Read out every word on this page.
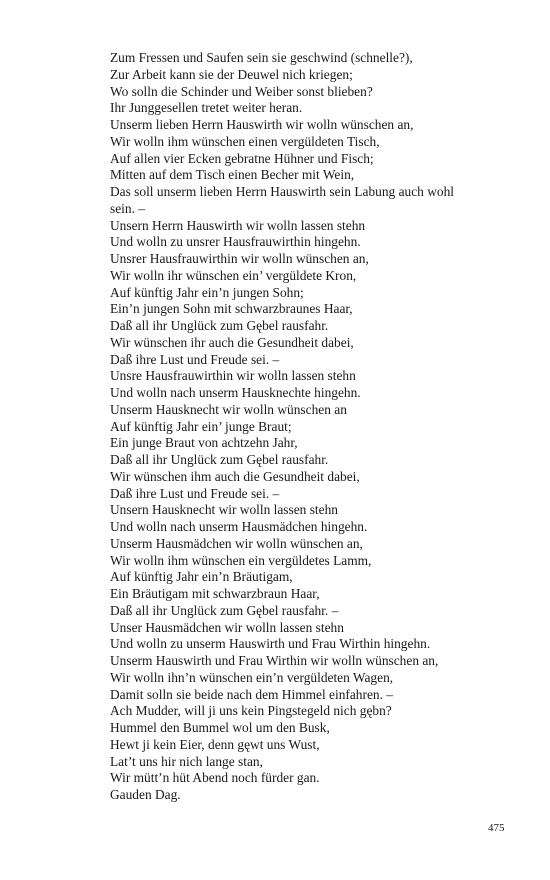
Zum Fressen und Saufen sein sie geschwind (schnelle?),
Zur Arbeit kann sie der Deuwel nich kriegen;
Wo solln die Schinder und Weiber sonst blieben?
Ihr Junggesellen tretet weiter heran.
Unserm lieben Herrn Hauswirth wir wolln wünschen an,
Wir wolln ihm wünschen einen vergüldeten Tisch,
Auf allen vier Ecken gebratne Hühner und Fisch;
Mitten auf dem Tisch einen Becher mit Wein,
Das soll unserm lieben Herrn Hauswirth sein Labung auch wohl
sein. –
Unsern Herrn Hauswirth wir wolln lassen stehn
Und wolln zu unsrer Hausfrauwirthin hingehn.
Unsrer Hausfrauwirthin wir wolln wünschen an,
Wir wolln ihr wünschen ein’ vergüldete Kron,
Auf künftig Jahr ein’n jungen Sohn;
Ein’n jungen Sohn mit schwarzbraunes Haar,
Daß all ihr Unglück zum Gębel rausfahr.
Wir wünschen ihr auch die Gesundheit dabei,
Daß ihre Lust und Freude sei. –
Unsre Hausfrauwirthin wir wolln lassen stehn
Und wolln nach unserm Hausknechte hingehn.
Unserm Hausknecht wir wolln wünschen an
Auf künftig Jahr ein’ junge Braut;
Ein junge Braut von achtzehn Jahr,
Daß all ihr Unglück zum Gębel rausfahr.
Wir wünschen ihm auch die Gesundheit dabei,
Daß ihre Lust und Freude sei. –
Unsern Hausknecht wir wolln lassen stehn
Und wolln nach unserm Hausmädchen hingehn.
Unserm Hausmädchen wir wolln wünschen an,
Wir wolln ihm wünschen ein vergüldetes Lamm,
Auf künftig Jahr ein’n Bräutigam,
Ein Bräutigam mit schwarzbraun Haar,
Daß all ihr Unglück zum Gębel rausfahr. –
Unser Hausmädchen wir wolln lassen stehn
Und wolln zu unserm Hauswirth und Frau Wirthin hingehn.
Unserm Hauswirth und Frau Wirthin wir wolln wünschen an,
Wir wolln ihn’n wünschen ein’n vergüldeten Wagen,
Damit solln sie beide nach dem Himmel einfahren. –
Ach Mudder, will ji uns kein Pingstegeld nich gębn?
Hummel den Bummel wol um den Busk,
Hewt ji kein Eier, denn gęwt uns Wust,
Lat’t uns hir nich lange stan,
Wir mütt’n hüt Abend noch fürder gan.
Gauden Dag.
475
